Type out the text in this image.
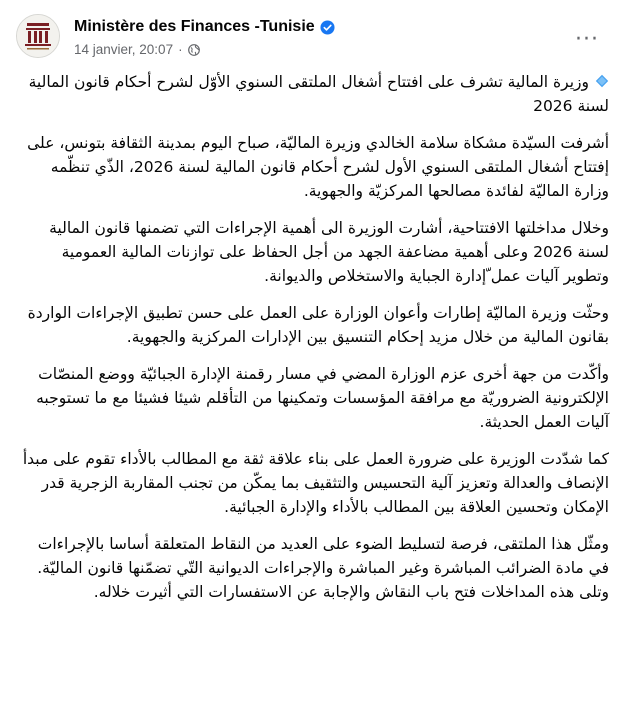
Ministère des Finances -Tunisie
14 janvier, 20:07 ·	···

وزيرة المالية تشرف على افتتاح أشغال الملتقى السنوي الأوّل لشرح أحكام قانون المالية لسنة 2026

أشرفت السيّدة مشكاة سلامة الخالدي وزيرة الماليّة، صباح اليوم بمدينة الثقافة بتونس، على إفتتاح أشغال الملتقى السنوي الأول لشرح أحكام قانون المالية لسنة 2026، الذّي تنظّمه وزارة الماليّة لفائدة مصالحها المركزيّة والجهوية.

وخلال مداخلتها الافتتاحية، أشارت الوزيرة الى أهمية الإجراءات التي تضمنها قانون المالية لسنة 2026 وعلى أهمية مضاعفة الجهد من أجل الحفاظ على توازنات المالية العمومية وتطوير آليات عمل ّإدارة الجباية والاستخلاص والديوانة.

وحثّت وزيرة الماليّة إطارات وأعوان الوزارة على العمل على حسن تطبيق الإجراءات الواردة بقانون المالية من خلال مزيد إحكام التنسيق بين الإدارات المركزية والجهوية.

وأكّدت من جهة أخرى عزم الوزارة المضي في مسار رقمنة الإدارة الجبائيّة ووضع المنصّات الإلكترونية الضروريّة مع مرافقة المؤسسات وتمكينها من التأقلم شيئا فشيئا مع ما تستوجبه آليات العمل الحديثة.

كما شدّدت الوزيرة على ضرورة العمل على بناء علاقة ثقة مع المطالب بالأداء تقوم على مبدأ الإنصاف والعدالة وتعزيز آلية التحسيس والتثقيف بما يمكّن من تجنب المقاربة الزجرية قدر الإمكان وتحسين العلاقة بين المطالب بالأداء والإدارة الجبائية.

ومثّل هذا الملتقى، فرصة لتسليط الضوء على العديد من النقاط المتعلقة أساسا بالإجراءات في مادة الضرائب المباشرة وغير المباشرة والإجراءات الديوانية التّي تضمّنها قانون الماليّة. وتلى هذه المداخلات فتح باب النقاش والإجابة عن الاستفسارات التي أثيرت خلاله.
